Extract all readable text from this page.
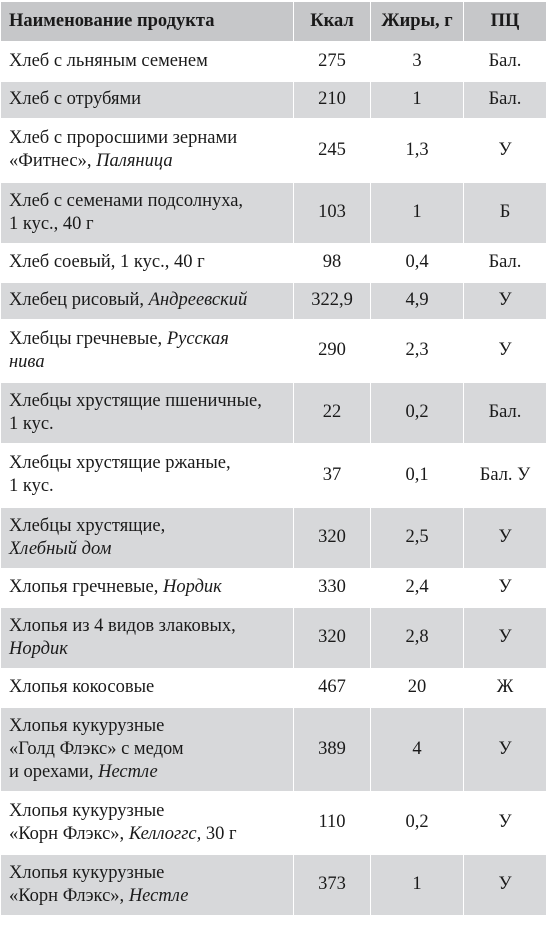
Наименование продукта	Ккал	Жиры, г	ПЦ

Хлеб с льняным семенем	275	3	Бал.

Хлеб с отрубями	210	1	Бал.

Хлеб с проросшими зернами
«Фитнес», Паляница	245	1,3	У

Хлеб с семенами подсолнуха,
1 кус., 40 г	103	1	Б

Хлеб соевый, 1 кус., 40 г	98	0,4	Бал.

Хлебец рисовый, Андреевский	322,9	4,9	У

Хлебцы гречневые, Русская
нива	290	2,3	У

Хлебцы хрустящие пшеничные,
1 кус.	22	0,2	Бал.

Хлебцы хрустящие ржаные,
1 кус.	37	0,1	Бал. У

Хлебцы хрустящие,
Хлебный дом	320	2,5	У

Хлопья гречневые, Нордик	330	2,4	У

Хлопья из 4 видов злаковых,
Нордик	320	2,8	У

Хлопья кокосовые	467	20	Ж

Хлопья кукурузные
«Голд Флэкс» с медом
и орехами, Нестле	389	4	У

Хлопья кукурузные
«Корн Флэкс», Келлоггс, 30 г	110	0,2	У

Хлопья кукурузные
«Корн Флэкс», Нестле	373	1	У
